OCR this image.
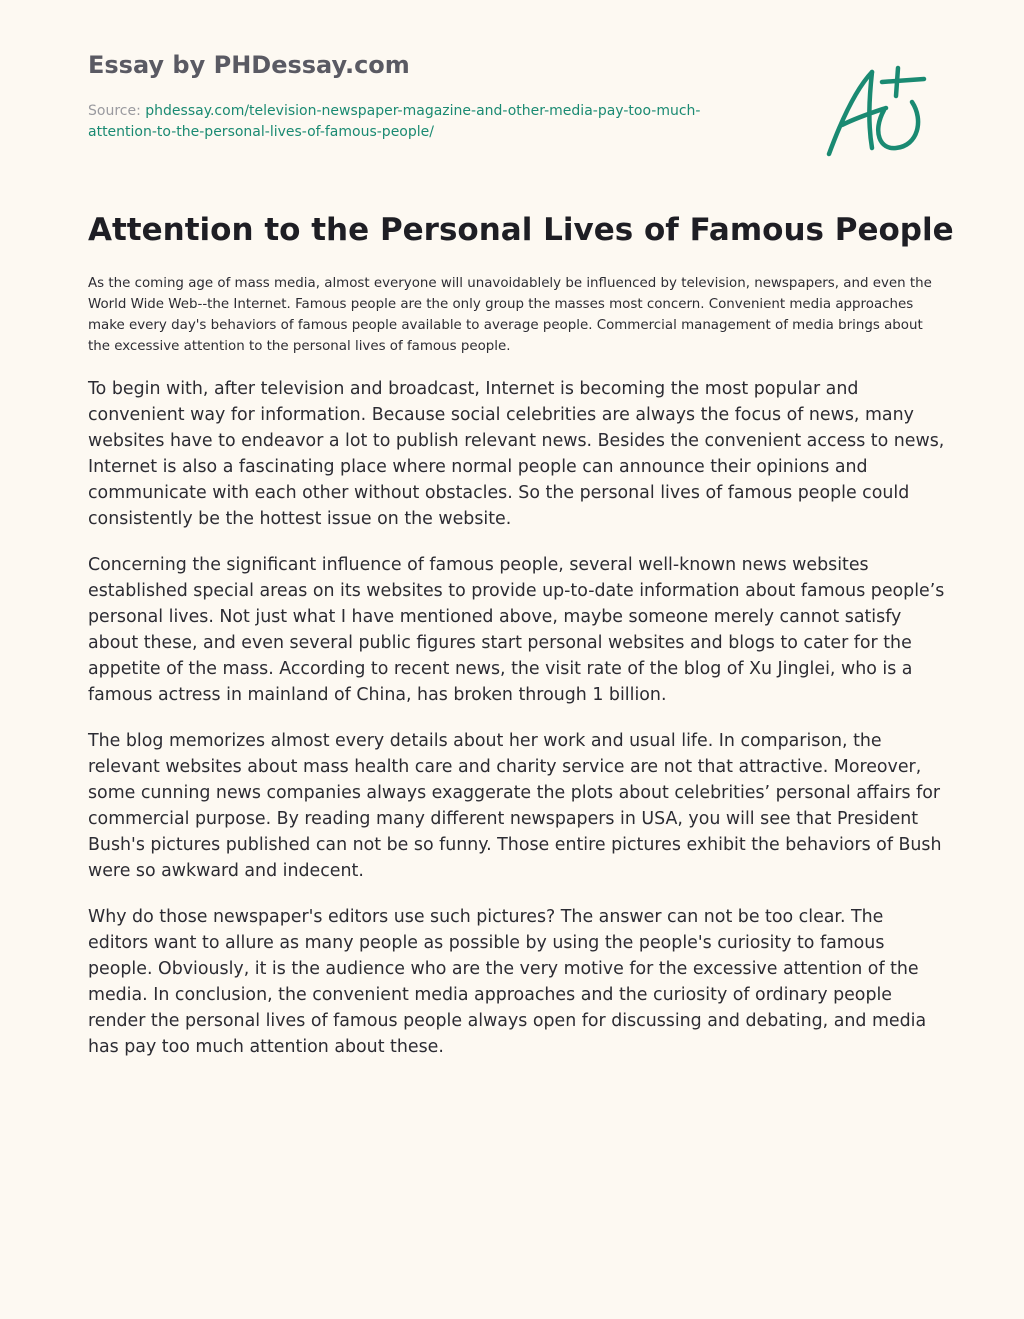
Essay by PHDessay.com
Source: phdessay.com/television-newspaper-magazine-and-other-media-pay-too-much-attention-to-the-personal-lives-of-famous-people/
Attention to the Personal Lives of Famous People

As the coming age of mass media, almost everyone will unavoidablely be influenced by television, newspapers, and even the World Wide Web--the Internet. Famous people are the only group the masses most concern. Convenient media approaches make every day's behaviors of famous people available to average people. Commercial management of media brings about the excessive attention to the personal lives of famous people.

To begin with, after television and broadcast, Internet is becoming the most popular and convenient way for information. Because social celebrities are always the focus of news, many websites have to endeavor a lot to publish relevant news. Besides the convenient access to news, Internet is also a fascinating place where normal people can announce their opinions and communicate with each other without obstacles. So the personal lives of famous people could consistently be the hottest issue on the website.

Concerning the significant influence of famous people, several well-known news websites established special areas on its websites to provide up-to-date information about famous people’s personal lives. Not just what I have mentioned above, maybe someone merely cannot satisfy about these, and even several public figures start personal websites and blogs to cater for the appetite of the mass. According to recent news, the visit rate of the blog of Xu Jinglei, who is a famous actress in mainland of China, has broken through 1 billion.

The blog memorizes almost every details about her work and usual life. In comparison, the relevant websites about mass health care and charity service are not that attractive. Moreover, some cunning news companies always exaggerate the plots about celebrities’ personal affairs for commercial purpose. By reading many different newspapers in USA, you will see that President Bush's pictures published can not be so funny. Those entire pictures exhibit the behaviors of Bush were so awkward and indecent.

Why do those newspaper's editors use such pictures? The answer can not be too clear. The editors want to allure as many people as possible by using the people's curiosity to famous people. Obviously, it is the audience who are the very motive for the excessive attention of the media. In conclusion, the convenient media approaches and the curiosity of ordinary people render the personal lives of famous people always open for discussing and debating, and media has pay too much attention about these.
